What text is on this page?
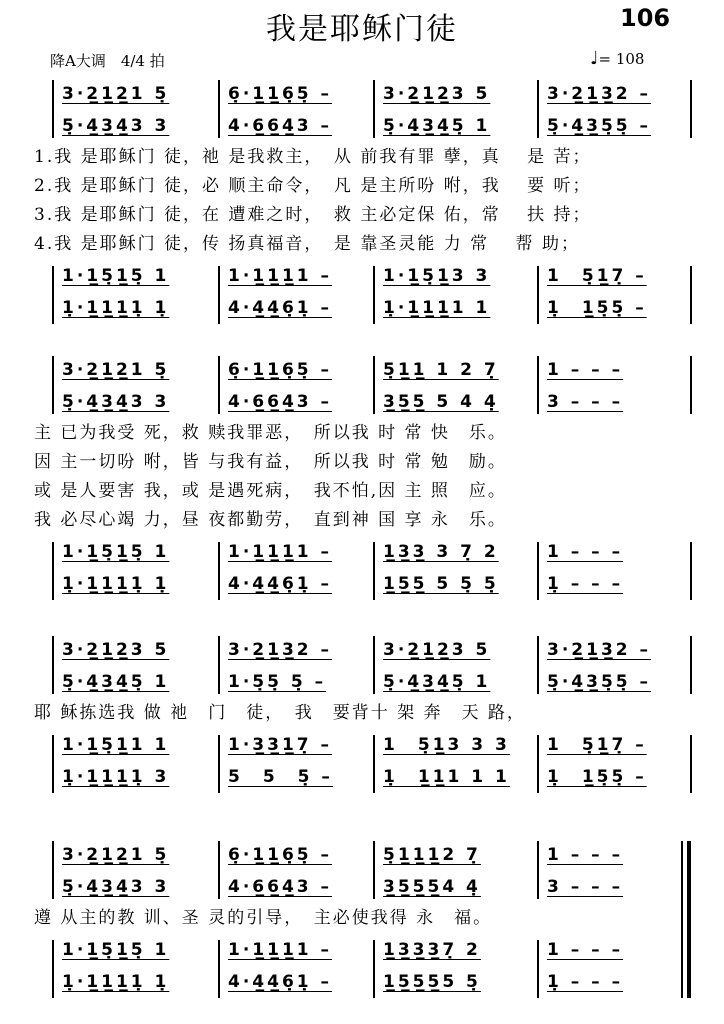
我是耶稣门徒	106
降A大调　4/4 拍	♩= 108
3·2̲1̲2̲1 5̣	6̣·1̲1̲6̣5̣ –	3·2̲1̲2̲3 5	3·2̲1̲3̲2 –
5̣·4̲3̲4̲3 3	4·6̲6̲4̲3 –	5̣·4̲3̲4̲5̣ 1	5̣·4̲3̲5̣5̣ –
1.我 是耶稣门 徒，祂 是我救主，　从 前我有罪 孽，真　 是 苦；
2.我 是耶稣门 徒，必 顺主命令，　凡 是主所吩 咐，我　 要 听；
3.我 是耶稣门 徒，在 遭难之时，　救 主必定保 佑，常　 扶 持；
4.我 是耶稣门 徒，传 扬真福音，　是 靠圣灵能 力 常　 帮 助；
1·1̲5̣1̲5̣ 1	1·1̲1̲1̲1 –	1·1̲5̣1̲3 3	1　5̣1̲7̣ –
1̣·1̲1̲1̲1̣ 1̣	4·4̲4̲6̣1̣ –	1̣·1̲1̲1̲1 1	1̣　1̲5̣5̣ –
3·2̲1̲2̲1 5̣	6̣·1̲1̲6̣5̣ –	5̣1̲1̲ 1 2 7̣	1 – – –
5̣·4̲3̲4̲3 3	4·6̲6̲4̲3 –	3̲5̲5̲ 5 4 4̣	3 – – –
主 已为我受 死，救 赎我罪恶，　所以我 时 常 快　乐。
因 主一切吩 咐，皆 与我有益，　所以我 时 常 勉　励。
或 是人要害 我，或 是遇死病，　我不怕,因 主 照　应。
我 必尽心竭 力，昼 夜都勤劳，　直到神 国 享 永　乐。
1·1̲5̣1̲5̣ 1	1·1̲1̲1̲1 –	1̲3̲3̲ 3 7̣ 2	1 – – –
1̣·1̲1̲1̲1̣ 1̣	4·4̲4̲6̣1̣ –	1̲5̲5̲ 5 5̣ 5̣	1̣ – – –
3·2̲1̲2̲3 5	3·2̲1̲3̲2 –	3·2̲1̲2̲3 5	3·2̲1̲3̲2 –
5̣·4̲3̲4̲5̣ 1	1·5̣5̣ 5̣ –	5̣·4̲3̲4̲5̣ 1	5̣·4̲3̲5̣5̣ –
耶 稣拣选我 做 祂　门　徒，　我　要背十 架 奔　天 路，
1·1̲5̣1̲1 1	1·3̲3̲1̲7̣ –	1　5̣1̲3 3 3 1　5̣1̲7̣ –
1̣·1̲1̲1̲1̣ 3	5　5　5̣ –	1̣　1̲1̲1 1 1 1̣　1̲5̣5̣ –
3·2̲1̲2̲1 5̣	6̣·1̲1̲6̣5̣ –	5̣1̲1̲1̲2 7̣	1 – – –
5̣·4̲3̲4̲3 3	4·6̲6̲4̲3 –	3̲5̲5̲5̲4 4̣	3 – – –
遵 从主的教 训、圣 灵的引导，　主必使我得 永　福。
1·1̲5̣1̲5̣ 1	1·1̲1̲1̲1 –	1̲3̲3̲3̲7̣ 2	1 – – –
1̣·1̲1̲1̲1̣ 1̣	4·4̲4̲6̣1̣ –	1̲5̲5̲5̲5 5̣	1̣ – – –
